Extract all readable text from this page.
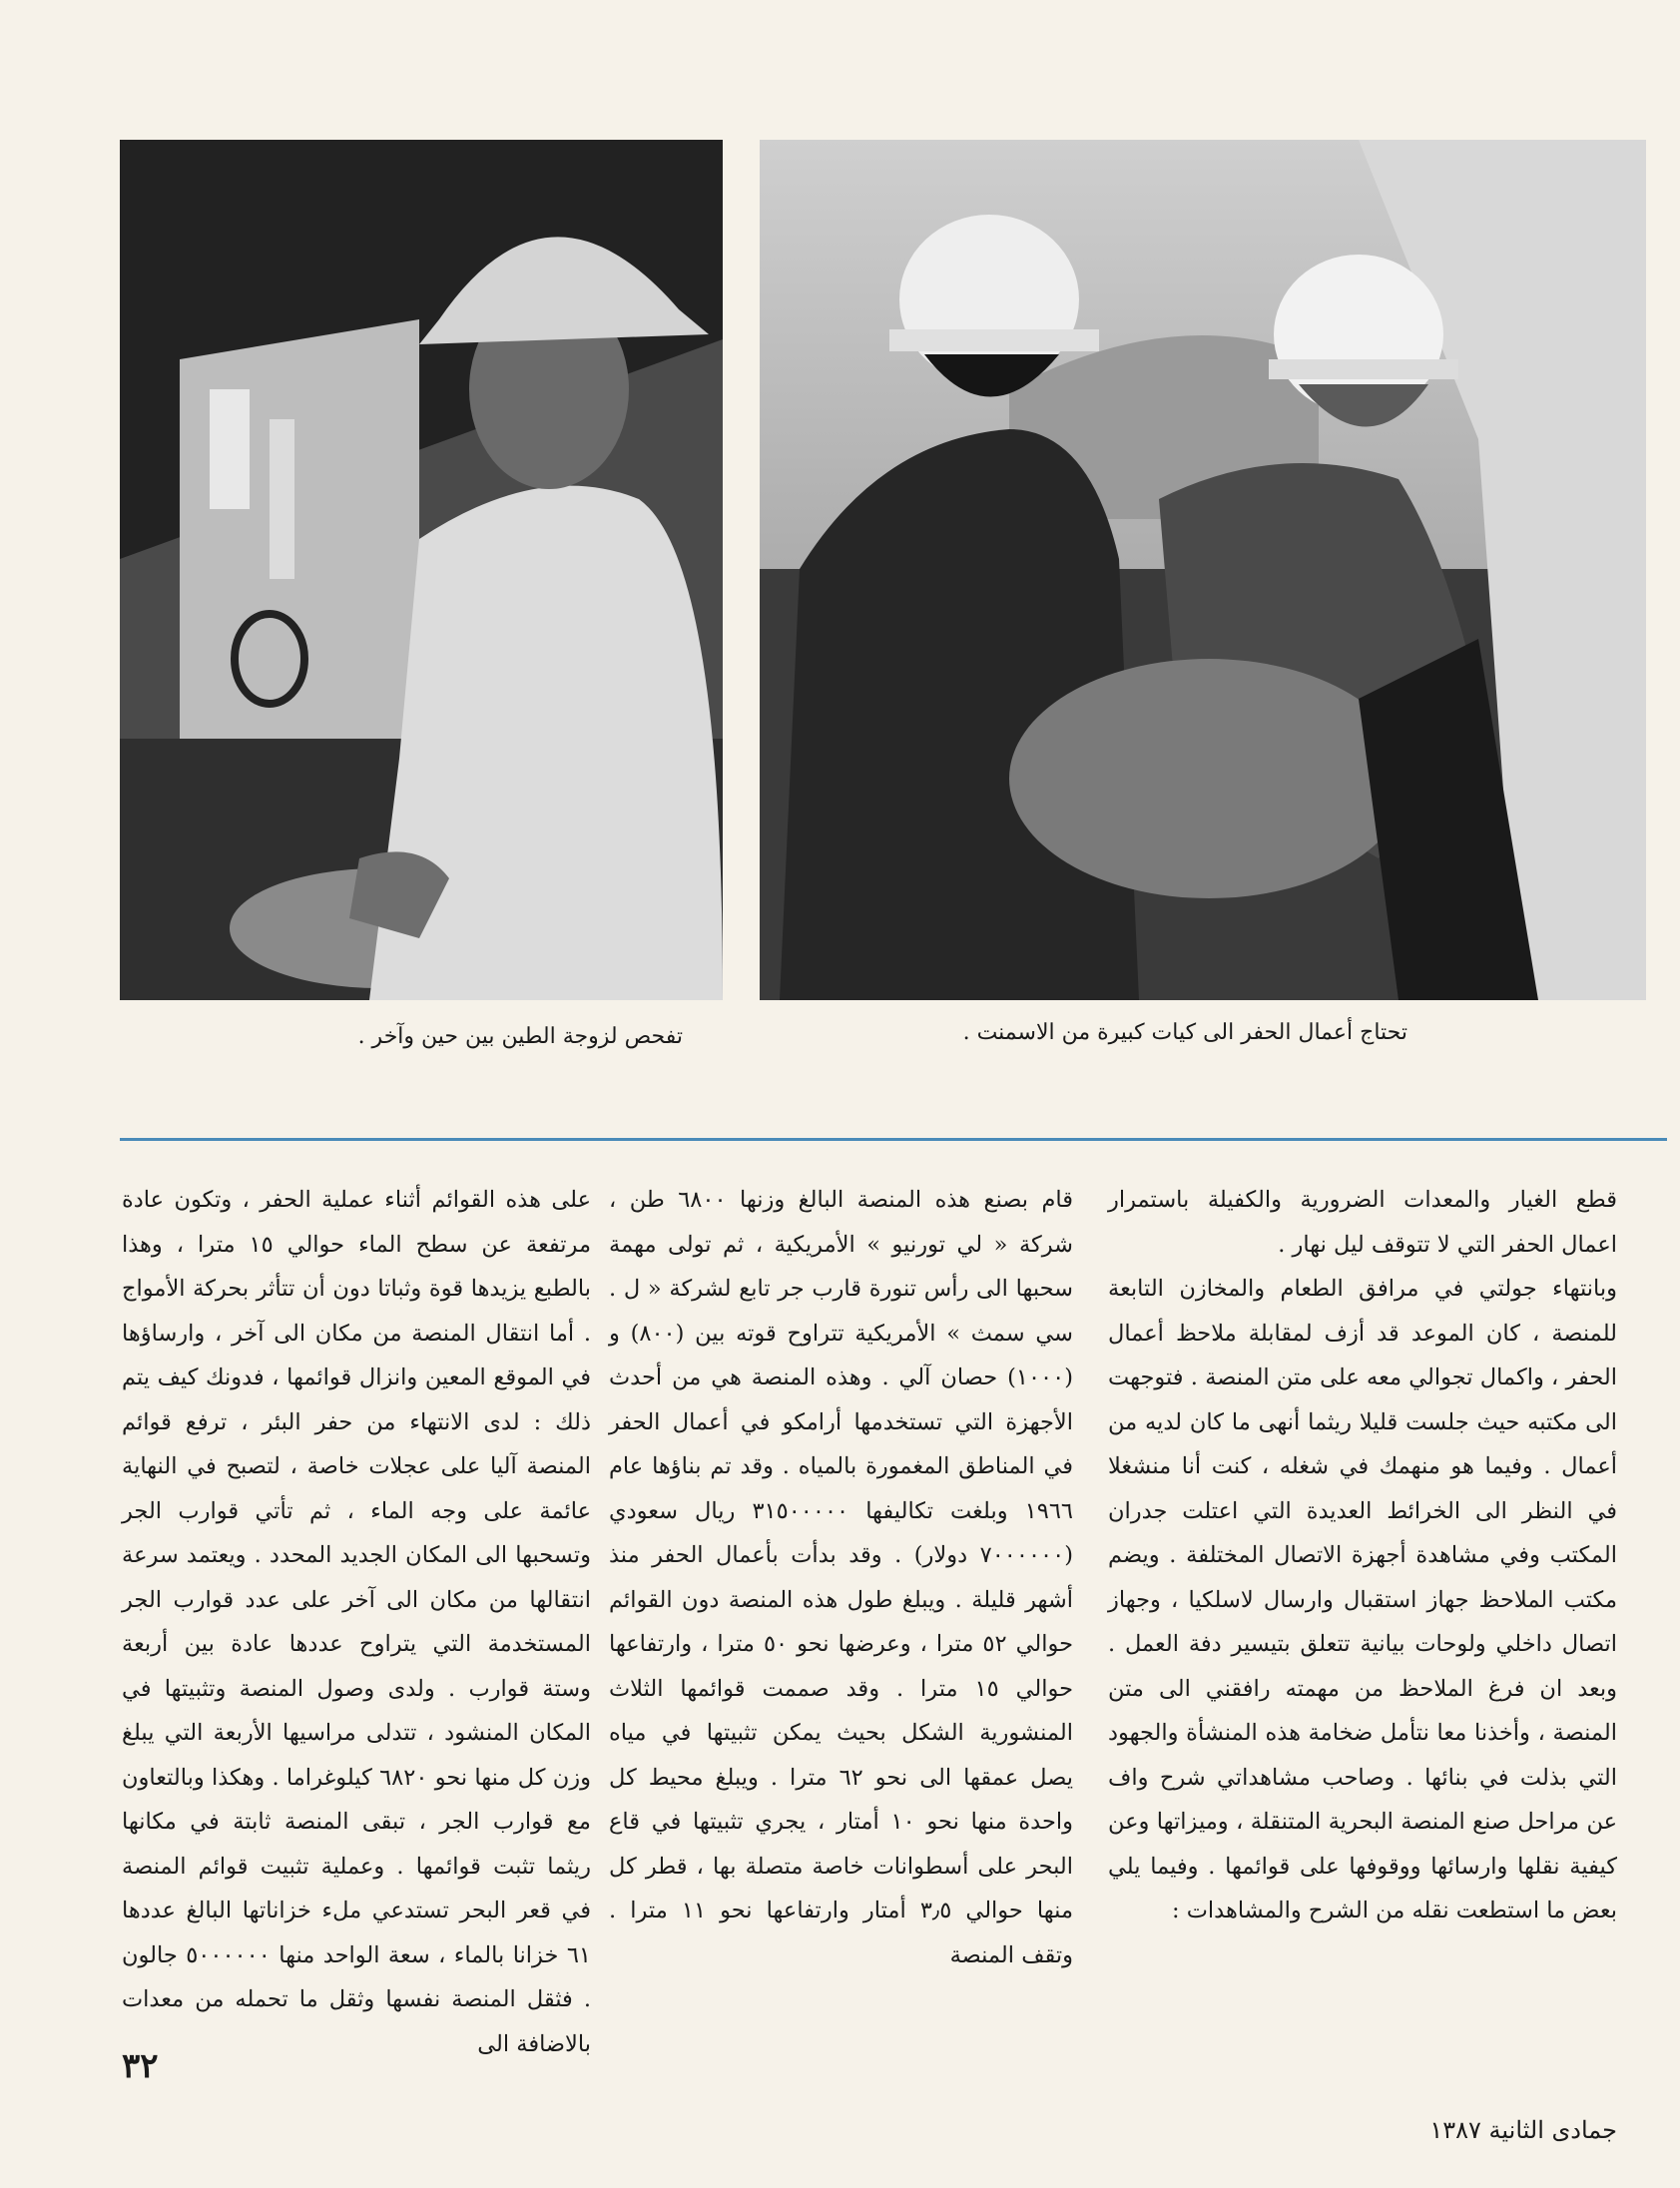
تحتاج أعمال الحفر الى كيات كبيرة من الاسمنت .
تفحص لزوجة الطين بين حين وآخر .

قطع الغيار والمعدات الضرورية والكفيلة باستمرار اعمال الحفر التي لا تتوقف ليل نهار .

وبانتهاء جولتي في مرافق الطعام والمخازن التابعة للمنصة ، كان الموعد قد أزف لمقابلة ملاحظ أعمال الحفر ، واكمال تجوالي معه على متن المنصة . فتوجهت الى مكتبه حيث جلست قليلا ريثما أنهى ما كان لديه من أعمال . وفيما هو منهمك في شغله ، كنت أنا منشغلا في النظر الى الخرائط العديدة التي اعتلت جدران المكتب وفي مشاهدة أجهزة الاتصال المختلفة . ويضم مكتب الملاحظ جهاز استقبال وارسال لاسلكيا ، وجهاز اتصال داخلي ولوحات بيانية تتعلق بتيسير دفة العمل . وبعد ان فرغ الملاحظ من مهمته رافقني الى متن المنصة ، وأخذنا معا نتأمل ضخامة هذه المنشأة والجهود التي بذلت في بنائها . وصاحب مشاهداتي شرح واف عن مراحل صنع المنصة البحرية المتنقلة ، وميزاتها وعن كيفية نقلها وارسائها ووقوفها على قوائمها . وفيما يلي بعض ما استطعت نقله من الشرح والمشاهدات :

قام بصنع هذه المنصة البالغ وزنها ٦٨٠٠ طن ، شركة « لي تورنيو » الأمريكية ، ثم تولى مهمة سحبها الى رأس تنورة قارب جر تابع لشركة « ل . سي سمث » الأمريكية تتراوح قوته بين (٨٠٠) و (١٠٠٠) حصان آلي . وهذه المنصة هي من أحدث الأجهزة التي تستخدمها أرامكو في أعمال الحفر في المناطق المغمورة بالمياه . وقد تم بناؤها عام ١٩٦٦ وبلغت تكاليفها ٣١٥٠٠٠٠٠ ريال سعودي (٧٠٠٠٠٠٠ دولار) . وقد بدأت بأعمال الحفر منذ أشهر قليلة . ويبلغ طول هذه المنصة دون القوائم حوالي ٥٢ مترا ، وعرضها نحو ٥٠ مترا ، وارتفاعها حوالي ١٥ مترا . وقد صممت قوائمها الثلاث المنشورية الشكل بحيث يمكن تثبيتها في مياه يصل عمقها الى نحو ٦٢ مترا . ويبلغ محيط كل واحدة منها نحو ١٠ أمتار ، يجري تثبيتها في قاع البحر على أسطوانات خاصة متصلة بها ، قطر كل منها حوالي ٣٫٥ أمتار وارتفاعها نحو ١١ مترا . وتقف المنصة

على هذه القوائم أثناء عملية الحفر ، وتكون عادة مرتفعة عن سطح الماء حوالي ١٥ مترا ، وهذا بالطبع يزيدها قوة وثباتا دون أن تتأثر بحركة الأمواج . أما انتقال المنصة من مكان الى آخر ، وارساؤها في الموقع المعين وانزال قوائمها ، فدونك كيف يتم ذلك : لدى الانتهاء من حفر البئر ، ترفع قوائم المنصة آليا على عجلات خاصة ، لتصبح في النهاية عائمة على وجه الماء ، ثم تأتي قوارب الجر وتسحبها الى المكان الجديد المحدد . ويعتمد سرعة انتقالها من مكان الى آخر على عدد قوارب الجر المستخدمة التي يتراوح عددها عادة بين أربعة وستة قوارب . ولدى وصول المنصة وتثبيتها في المكان المنشود ، تتدلى مراسيها الأربعة التي يبلغ وزن كل منها نحو ٦٨٢٠ كيلوغراما . وهكذا وبالتعاون مع قوارب الجر ، تبقى المنصة ثابتة في مكانها ريثما تثبت قوائمها . وعملية تثبيت قوائم المنصة في قعر البحر تستدعي ملء خزاناتها البالغ عددها ٦١ خزانا بالماء ، سعة الواحد منها ٥٠٠٠٠٠٠ جالون . فثقل المنصة نفسها وثقل ما تحمله من معدات بالاضافة الى

٣٢
جمادى الثانية ١٣٨٧
